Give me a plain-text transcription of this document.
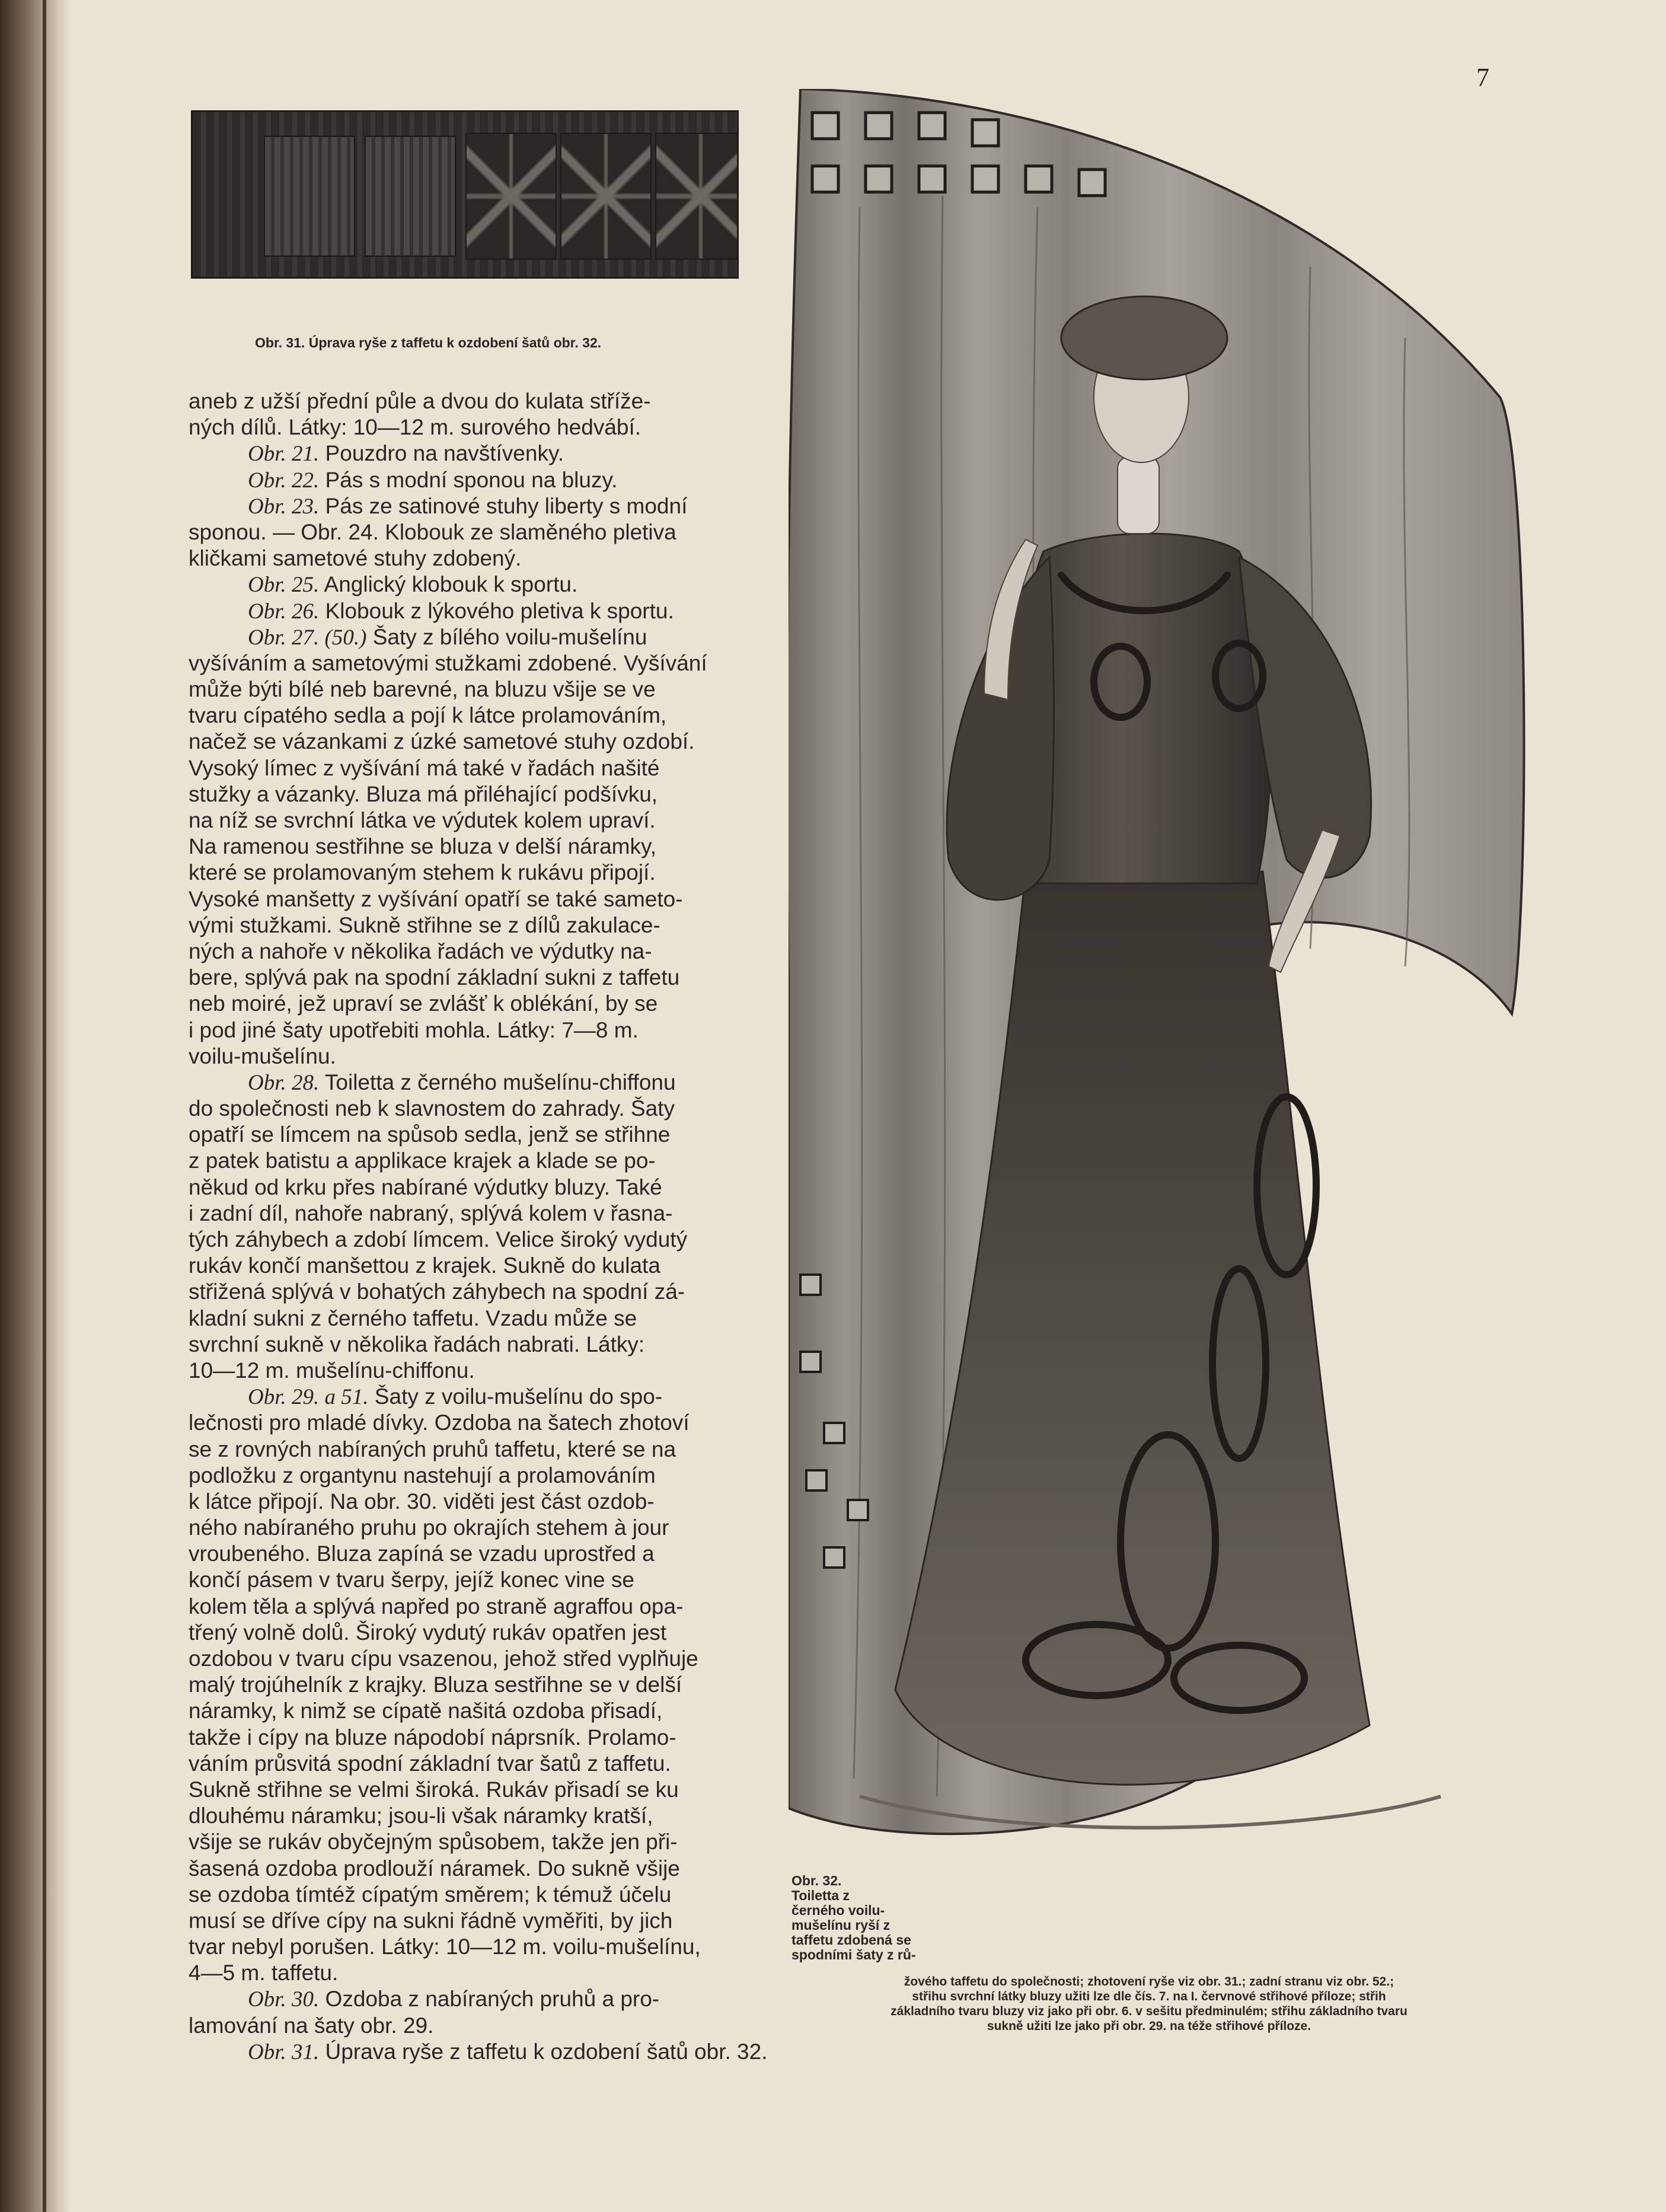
7
Obr. 31. Úprava ryše z taffetu k ozdobení šatů obr. 32.
aneb z užší přední půle a dvou do kulata stříže-
ných dílů. Látky: 10—12 m. surového hedvábí.
Obr. 21. Pouzdro na navštívenky.
Obr. 22. Pás s modní sponou na bluzy.
Obr. 23. Pás ze satinové stuhy liberty s modní
sponou. — Obr. 24. Klobouk ze slaměného pletiva
kličkami sametové stuhy zdobený.
Obr. 25. Anglický klobouk k sportu.
Obr. 26. Klobouk z lýkového pletiva k sportu.
Obr. 27. (50.) Šaty z bílého voilu-mušelínu
vyšíváním a sametovými stužkami zdobené. Vyšívání
může býti bílé neb barevné, na bluzu všije se ve
tvaru cípatého sedla a pojí k látce prolamováním,
načež se vázankami z úzké sametové stuhy ozdobí.
Vysoký límec z vyšívání má také v řadách našité
stužky a vázanky. Bluza má přiléhající podšívku,
na níž se svrchní látka ve výdutek kolem upraví.
Na ramenou sestřihne se bluza v delší náramky,
které se prolamovaným stehem k rukávu připojí.
Vysoké manšetty z vyšívání opatří se také sameto-
vými stužkami. Sukně střihne se z dílů zakulace-
ných a nahoře v několika řadách ve výdutky na-
bere, splývá pak na spodní základní sukni z taffetu
neb moiré, jež upraví se zvlášť k oblékání, by se
i pod jiné šaty upotřebiti mohla. Látky: 7—8 m.
voilu-mušelínu.
Obr. 28. Toiletta z černého mušelínu-chiffonu
do společnosti neb k slavnostem do zahrady. Šaty
opatří se límcem na spůsob sedla, jenž se střihne
z patek batistu a applikace krajek a klade se po-
někud od krku přes nabírané výdutky bluzy. Také
i zadní díl, nahoře nabraný, splývá kolem v řasna-
tých záhybech a zdobí límcem. Velice široký vydutý
rukáv končí manšettou z krajek. Sukně do kulata
střižená splývá v bohatých záhybech na spodní zá-
kladní sukni z černého taffetu. Vzadu může se
svrchní sukně v několika řadách nabrati. Látky:
10—12 m. mušelínu-chiffonu.
Obr. 29. a 51. Šaty z voilu-mušelínu do spo-
lečnosti pro mladé dívky. Ozdoba na šatech zhotoví
se z rovných nabíraných pruhů taffetu, které se na
podložku z organtynu nastehují a prolamováním
k látce připojí. Na obr. 30. viděti jest část ozdob-
ného nabíraného pruhu po okrajích stehem à jour
vroubeného. Bluza zapíná se vzadu uprostřed a
končí pásem v tvaru šerpy, jejíž konec vine se
kolem těla a splývá napřed po straně agraffou opa-
třený volně dolů. Široký vydutý rukáv opatřen jest
ozdobou v tvaru cípu vsazenou, jehož střed vyplňuje
malý trojúhelník z krajky. Bluza sestřihne se v delší
náramky, k nimž se cípatě našitá ozdoba přisadí,
takže i cípy na bluze nápodobí náprsník. Prolamo-
váním průsvitá spodní základní tvar šatů z taffetu.
Sukně střihne se velmi široká. Rukáv přisadí se ku
dlouhému náramku; jsou-li však náramky kratší,
všije se rukáv obyčejným spůsobem, takže jen při-
šasená ozdoba prodlouží náramek. Do sukně všije
se ozdoba tímtéž cípatým směrem; k témuž účelu
musí se dříve cípy na sukni řádně vyměřiti, by jich
tvar nebyl porušen. Látky: 10—12 m. voilu-mušelínu,
4—5 m. taffetu.
Obr. 30. Ozdoba z nabíraných pruhů a pro-
lamování na šaty obr. 29.
Obr. 31. Úprava ryše z taffetu k ozdobení šatů obr. 32.
Obr. 32.
Toiletta z
černého voilu-
mušelínu ryší z
taffetu zdobená se
spodními šaty z rů-
žového taffetu do společnosti; zhotovení ryše viz obr. 31.; zadní stranu viz obr. 52.;
střihu svrchní látky bluzy užiti lze dle čís. 7. na I. červnové střihové příloze; střih
základního tvaru bluzy viz jako při obr. 6. v sešitu předminulém; střihu základního tvaru
sukně užiti lze jako při obr. 29. na téže střihové příloze.
